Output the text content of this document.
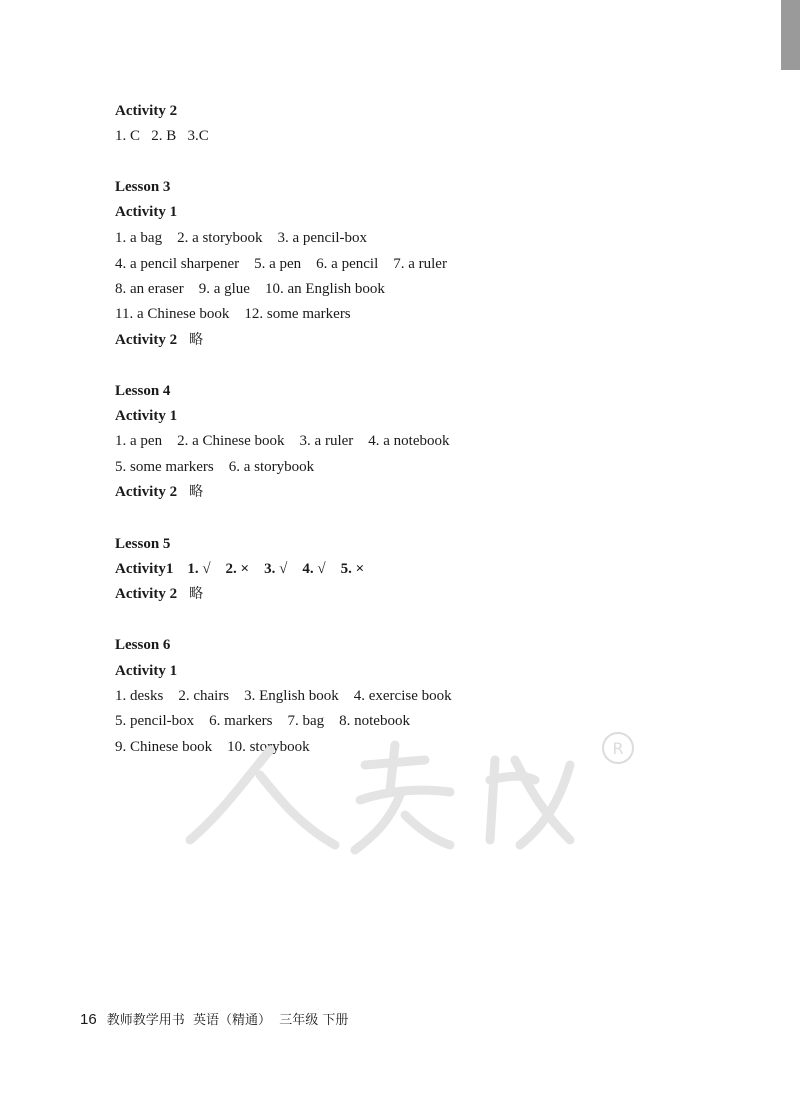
Activity 2
1. C   2. B   3.C
Lesson 3
Activity 1
1. a bag    2. a storybook    3. a pencil-box
4. a pencil sharpener    5. a pen    6. a pencil    7. a ruler
8. an eraser    9. a glue    10. an English book
11. a Chinese book    12. some markers
Activity 2 略
Lesson 4
Activity 1
1. a pen    2. a Chinese book    3. a ruler    4. a notebook
5. some markers    6. a storybook
Activity 2 略
Lesson 5
Activity1 1. √    2. ×    3. √    4. √    5. ×
Activity 2 略
Lesson 6
Activity 1
1. desks    2. chairs    3. English book    4. exercise book
5. pencil-box    6. markers    7. bag    8. notebook
9. Chinese book    10. storybook	R
16 教师教学用书  英语（精通）  三年级 下册
